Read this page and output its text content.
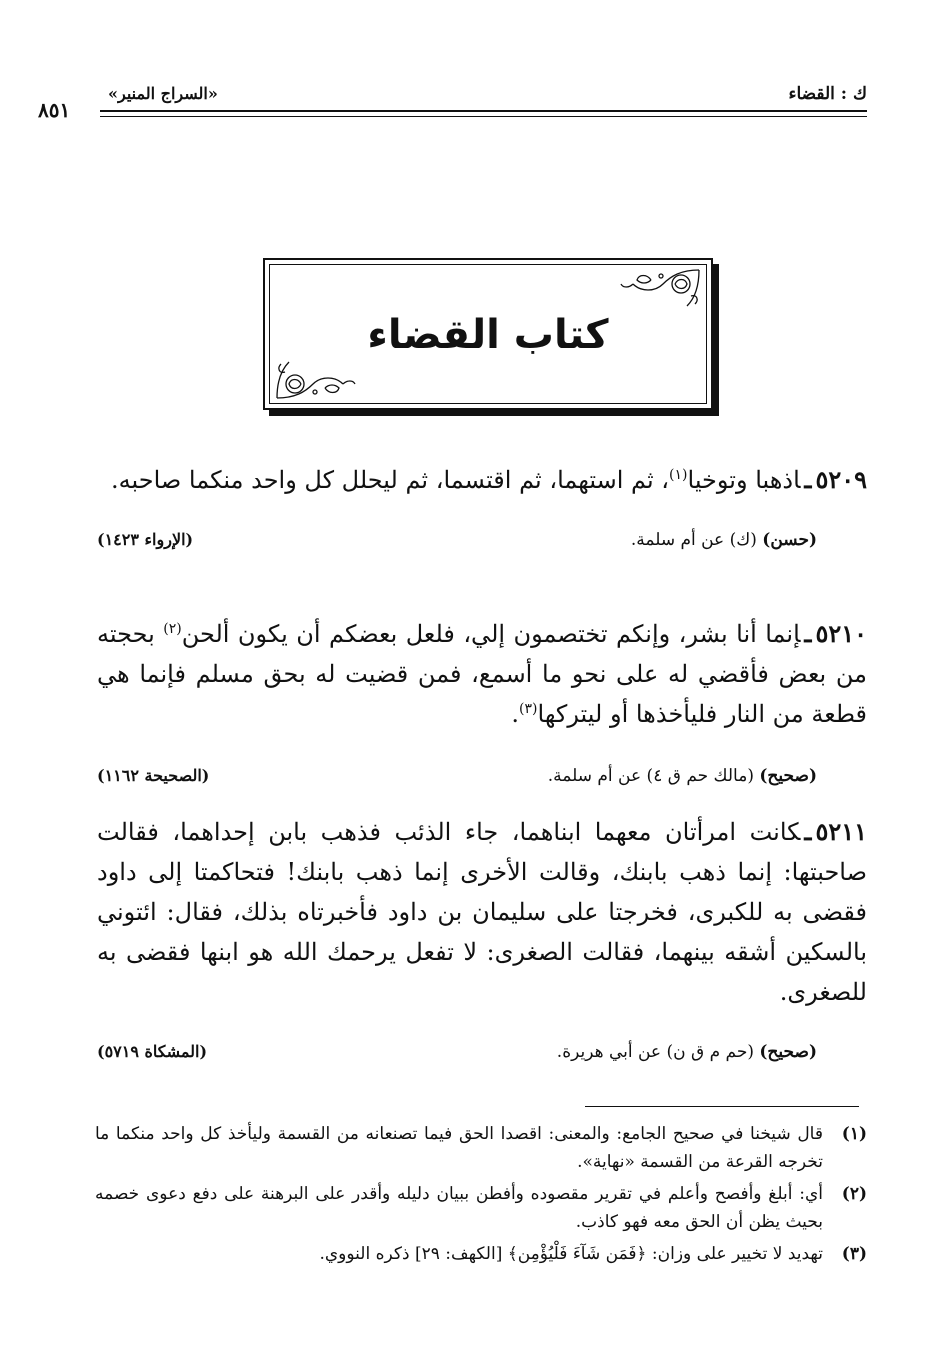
ك : القضاء
«السراج المنير»
٨٥١
كتاب القضاء

٥٢٠٩ـاذهبا وتوخيا$^{(١)}$، ثم استهما، ثم اقتسما، ثم ليحلل كل واحد منكما صاحبه.

(حسن) (ك) عن أم سلمة.
(الإرواء ١٤٢٣)

٥٢١٠ـإنما أنا بشر، وإنكم تختصمون إلي، فلعل بعضكم أن يكون ألحن$^{(٢)}$ بحجته من بعض فأقضي له على نحو ما أسمع، فمن قضيت له بحق مسلم فإنما هي قطعة من النار فليأخذها أو ليتركها$^{(٣)}$.

(صحيح) (مالك حم ق ٤) عن أم سلمة.
(الصحيحة ١١٦٢)

٥٢١١ـكانت امرأتان معهما ابناهما، جاء الذئب فذهب بابن إحداهما، فقالت صاحبتها: إنما ذهب بابنك، وقالت الأخرى إنما ذهب بابنك! فتحاكمتا إلى داود فقضى به للكبرى، فخرجتا على سليمان بن داود فأخبرتاه بذلك، فقال: ائتوني بالسكين أشقه بينهما، فقالت الصغرى: لا تفعل يرحمك الله هو ابنها فقضى به للصغرى.

(صحيح) (حم م ق ن) عن أبي هريرة.
(المشكاة ٥٧١٩)

(١)
قال شيخنا في صحيح الجامع: والمعنى: اقصدا الحق فيما تصنعانه من القسمة وليأخذ كل واحد منكما ما تخرجه القرعة من القسمة «نهاية».

(٢)
أي: أبلغ وأفصح وأعلم في تقرير مقصوده وأفطن ببيان دليله وأقدر على البرهنة على دفع دعوى خصمه بحيث يظن أن الحق معه فهو كاذب.

(٣)
تهديد لا تخيير على وزان: ﴿فَمَن شَآءَ فَلْيُؤْمِن﴾ [الكهف: ٢٩] ذكره النووي.
